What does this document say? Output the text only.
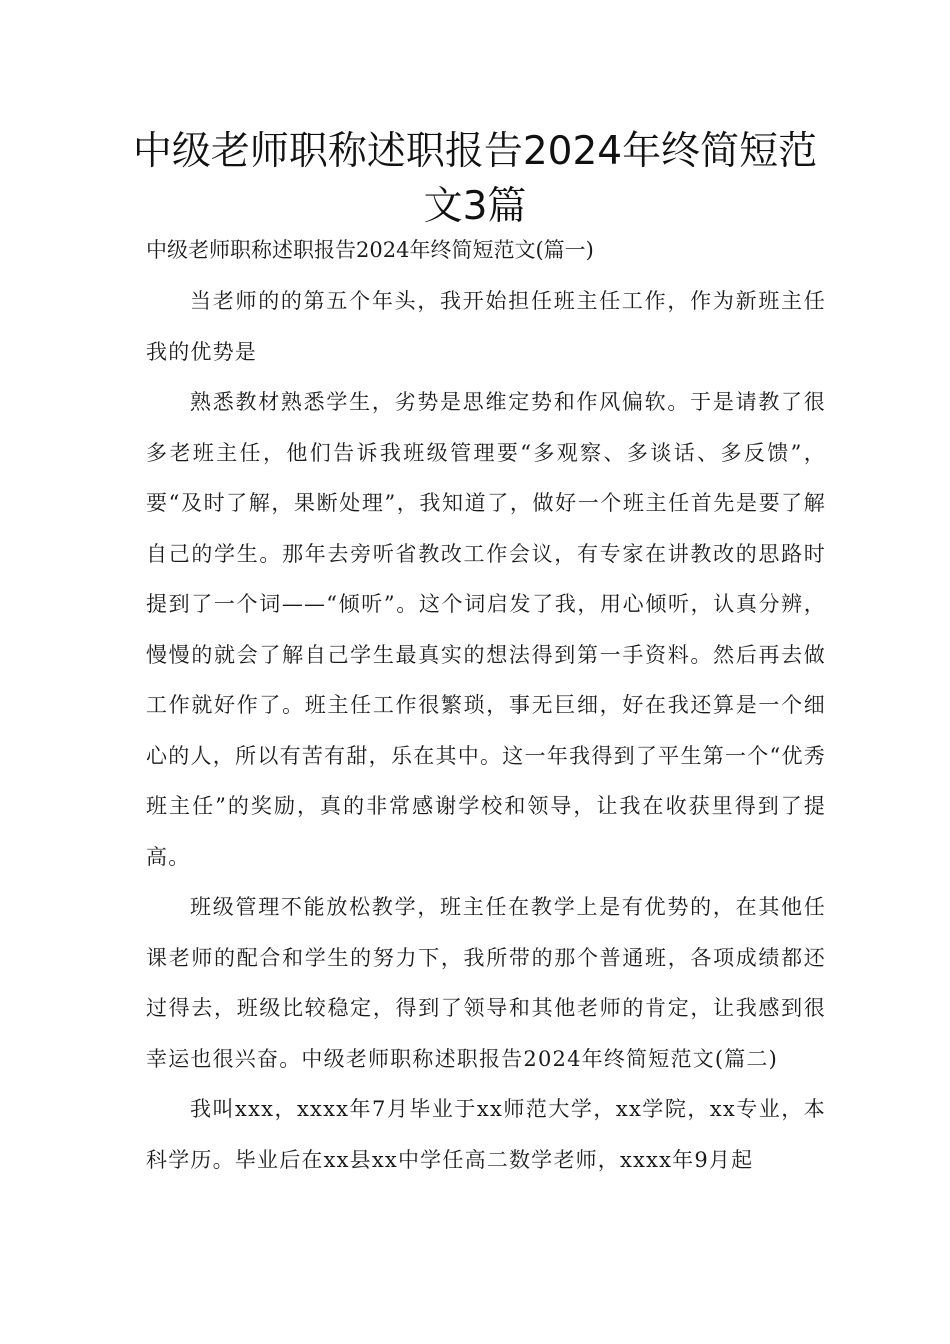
中级老师职称述职报告2024年终简短范文3篇

中级老师职称述职报告2024年终简短范文(篇一)

当老师的的第五个年头，我开始担任班主任工作，作为新班主任我的优势是

熟悉教材熟悉学生，劣势是思维定势和作风偏软。于是请教了很多老班主任，他们告诉我班级管理要“多观察、多谈话、多反馈”，要“及时了解，果断处理”，我知道了，做好一个班主任首先是要了解自己的学生。那年去旁听省教改工作会议，有专家在讲教改的思路时提到了一个词——“倾听”。这个词启发了我，用心倾听，认真分辨，慢慢的就会了解自己学生最真实的想法得到第一手资料。然后再去做工作就好作了。班主任工作很繁琐，事无巨细，好在我还算是一个细心的人，所以有苦有甜，乐在其中。这一年我得到了平生第一个“优秀班主任”的奖励，真的非常感谢学校和领导，让我在收获里得到了提高。

班级管理不能放松教学，班主任在教学上是有优势的，在其他任课老师的配合和学生的努力下，我所带的那个普通班，各项成绩都还过得去，班级比较稳定，得到了领导和其他老师的肯定，让我感到很幸运也很兴奋。中级老师职称述职报告2024年终简短范文(篇二)

我叫xxx，xxxx年7月毕业于xx师范大学，xx学院，xx专业，本科学历。毕业后在xx县xx中学任高二数学老师，xxxx年9月起
